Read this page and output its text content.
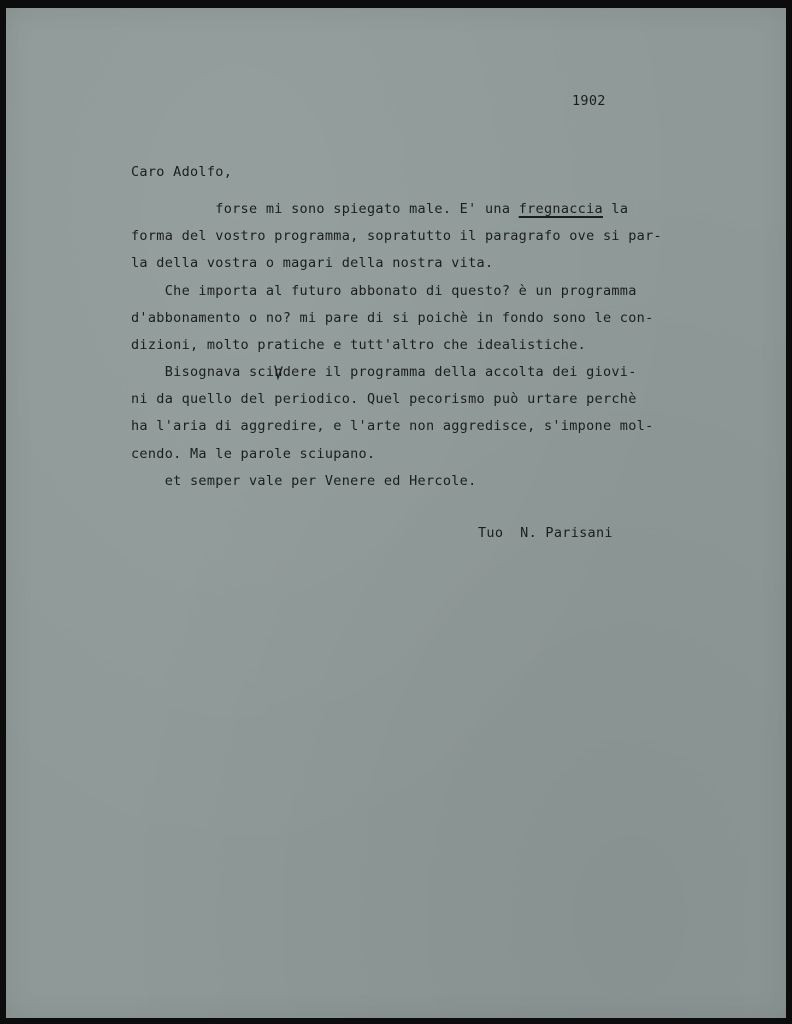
1902
Caro Adolfo,
forse mi sono spiegato male. E' una fregnaccia la
forma del vostro programma, sopratutto il paragrafo ove si par-
la della vostra o magari della nostra vita.
Che importa al futuro abbonato di questo? è un programma
d'abbonamento o no? mi pare di si poichè in fondo sono le con-
dizioni, molto pratiche e tutt'altro che idealistiche.
Bisognava scindere il programma della accolta dei giovi-
ni da quello del periodico. Quel pecorismo può urtare perchè
ha l'aria di aggredire, e l'arte non aggredisce, s'impone mol-
cendo. Ma le parole sciupano.
et semper vale per Venere ed Hercole.
Tuo  N. Parisani
